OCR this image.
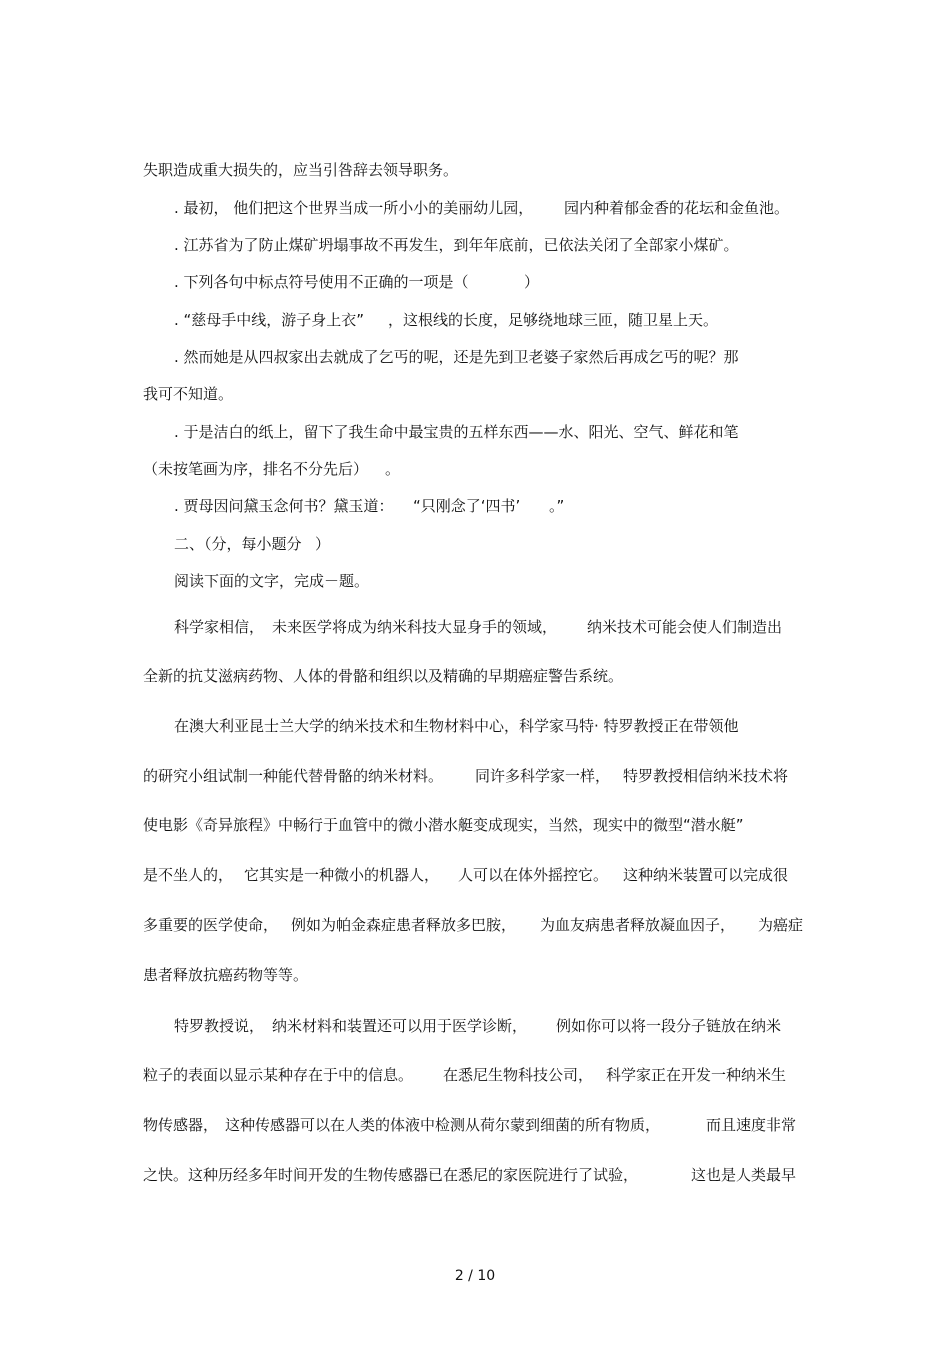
失职造成重大损失的，应当引咎辞去领导职务。

. 最初， 他们把这个世界当成一所小小的美丽幼儿园，

园内种着郁金香的花坛和金鱼池。

. 江苏省为了防止煤矿坍塌事故不再发生，到年年底前，已依法关闭了全部家小煤矿。

. 下列各句中标点符号使用不正确的一项是（

	）

. “慈母手中线，游子身上衣”

，这根线的长度，足够绕地球三匝，随卫星上天。

. 然而她是从四叔家出去就成了乞丐的呢，还是先到卫老婆子家然后再成乞丐的呢？那

我可不知道。

. 于是洁白的纸上，留下了我生命中最宝贵的五样东西——水、阳光、空气、鲜花和笔

（未按笔画为序，排名不分先后）

。

. 贾母因问黛玉念何书？黛玉道：

“只刚念了‘四书’

。”

二、（分，每小题分

）

阅读下面的文字，完成－题。

科学家相信，

未来医学将成为纳米科技大显身手的领域，

纳米技术可能会使人们制造出

全新的抗艾滋病药物、人体的骨骼和组织以及精确的早期癌症警告系统。

在澳大利亚昆士兰大学的纳米技术和生物材料中心，科学家马特· 特罗教授正在带领他

的研究小组试制一种能代替骨骼的纳米材料。

同许多科学家一样，

特罗教授相信纳米技术将

使电影《奇异旅程》中畅行于血管中的微小潜水艇变成现实，当然，现实中的微型“潜水艇”

是不坐人的，

它其实是一种微小的机器人，

人可以在体外摇控它。

这种纳米装置可以完成很

多重要的医学使命，

例如为帕金森症患者释放多巴胺，

为血友病患者释放凝血因子，

为癌症

患者释放抗癌药物等等。

特罗教授说，

纳米材料和装置还可以用于医学诊断，

例如你可以将一段分子链放在纳米

粒子的表面以显示某种存在于中的信息。

在悉尼生物科技公司，

科学家正在开发一种纳米生

物传感器，

这种传感器可以在人类的体液中检测从荷尔蒙到细菌的所有物质，

	而且速度非常

之快。这种历经多年时间开发的生物传感器已在悉尼的家医院进行了试验，

	这也是人类最早

2 / 10
